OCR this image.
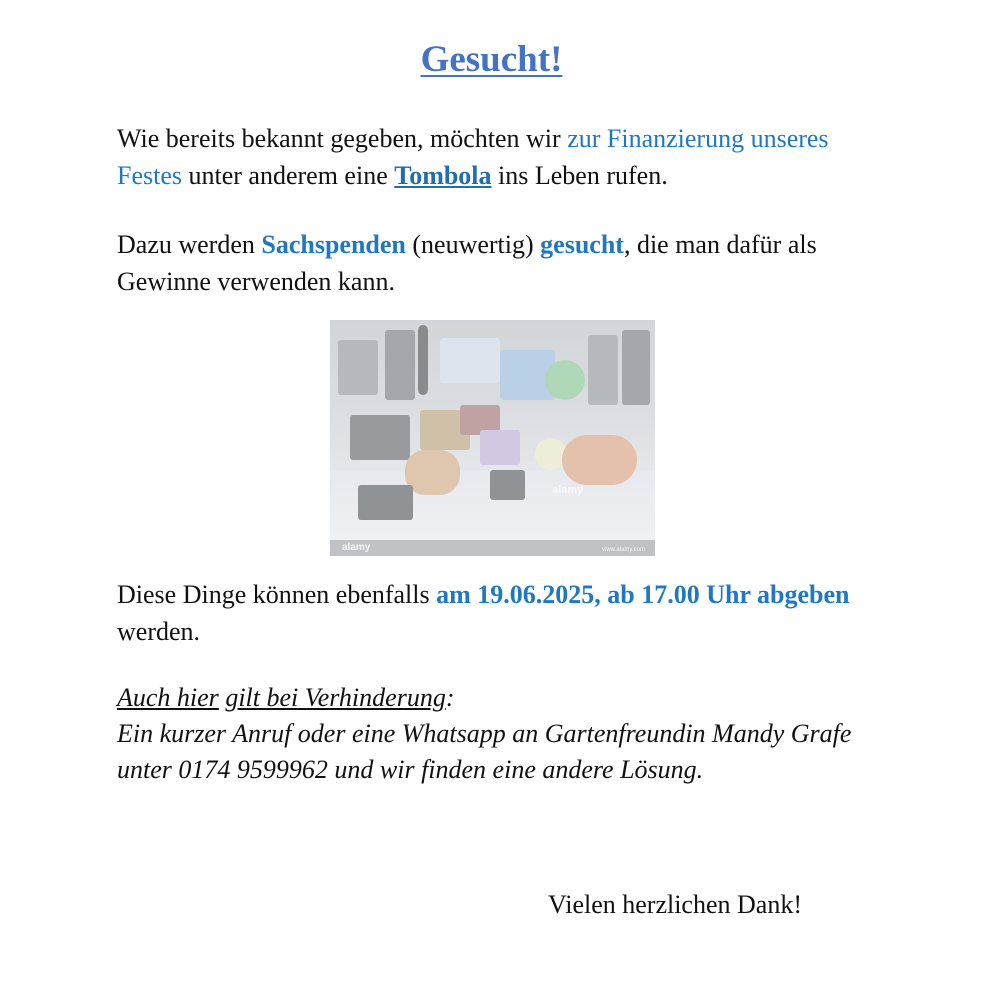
Gesucht!
Wie bereits bekannt gegeben, möchten wir zur Finanzierung unseres Festes unter anderem eine Tombola ins Leben rufen.
Dazu werden Sachspenden (neuwertig) gesucht, die man dafür als Gewinne verwenden kann.
alamy
alamy	www.alamy.com
Diese Dinge können ebenfalls am 19.06.2025, ab 17.00 Uhr abgeben werden.
Auch hier gilt bei Verhinderung:
Ein kurzer Anruf oder eine Whatsapp an Gartenfreundin Mandy Grafe unter 0174 9599962 und wir finden eine andere Lösung.
Vielen herzlichen Dank!
